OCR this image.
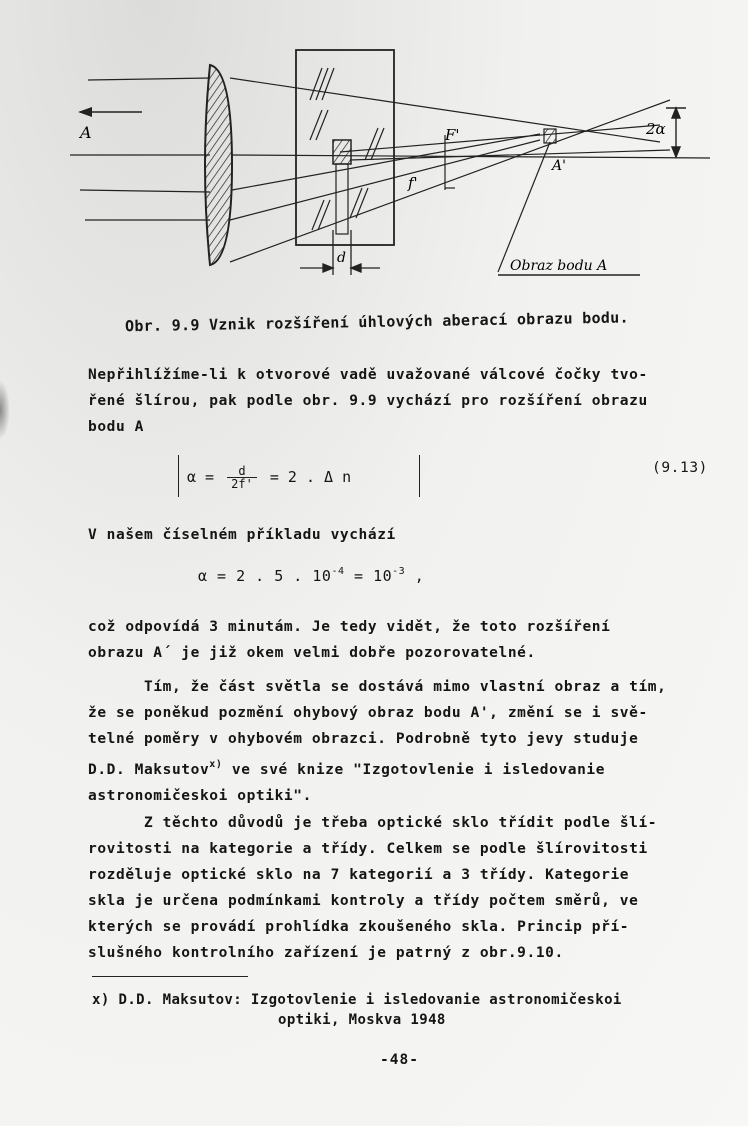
A	F'
f'
A'
2α
Obraz bodu A
d
Obr. 9.9 Vznik rozšíření úhlových aberací obrazu bodu.
Nepřihlížíme-li k otvorové vadě uvažované válcové čočky tvo-
řené šlírou, pak podle obr. 9.9 vychází pro rozšíření obrazu
bodu A
$\alpha = \frac{d}{2f'} = 2$ . Δ n	(9.13)
V našem číselném příkladu vychází
α = 2 . 5 . $10^{-4} = 10^{-3}$ ,
což odpovídá 3 minutám. Je tedy vidět, že toto rozšíření
obrazu A´ je již okem velmi dobře pozorovatelné.
Tím, že část světla se dostává mimo vlastní obraz a tím,
že se poněkud pozmění ohybový obraz bodu A', změní se i svě-
telné poměry v ohybovém obrazci. Podrobně tyto jevy studuje
D.D. Maksutov$^{x)}$ ve své knize "Izgotovlenie i isledovanie
astronomičeskoi optiki".
Z těchto důvodů je třeba optické sklo třídit podle šlí-
rovitosti na kategorie a třídy. Celkem se podle šlírovitosti
rozděluje optické sklo na 7 kategorií a 3 třídy. Kategorie
skla je určena podmínkami kontroly a třídy počtem směrů, ve
kterých se provádí prohlídka zkoušeného skla. Princip pří-
slušného kontrolního zařízení je patrný z obr.9.10.
x) D.D. Maksutov: Izgotovlenie i isledovanie astronomičeskoi
optiki, Moskva 1948
-48-
